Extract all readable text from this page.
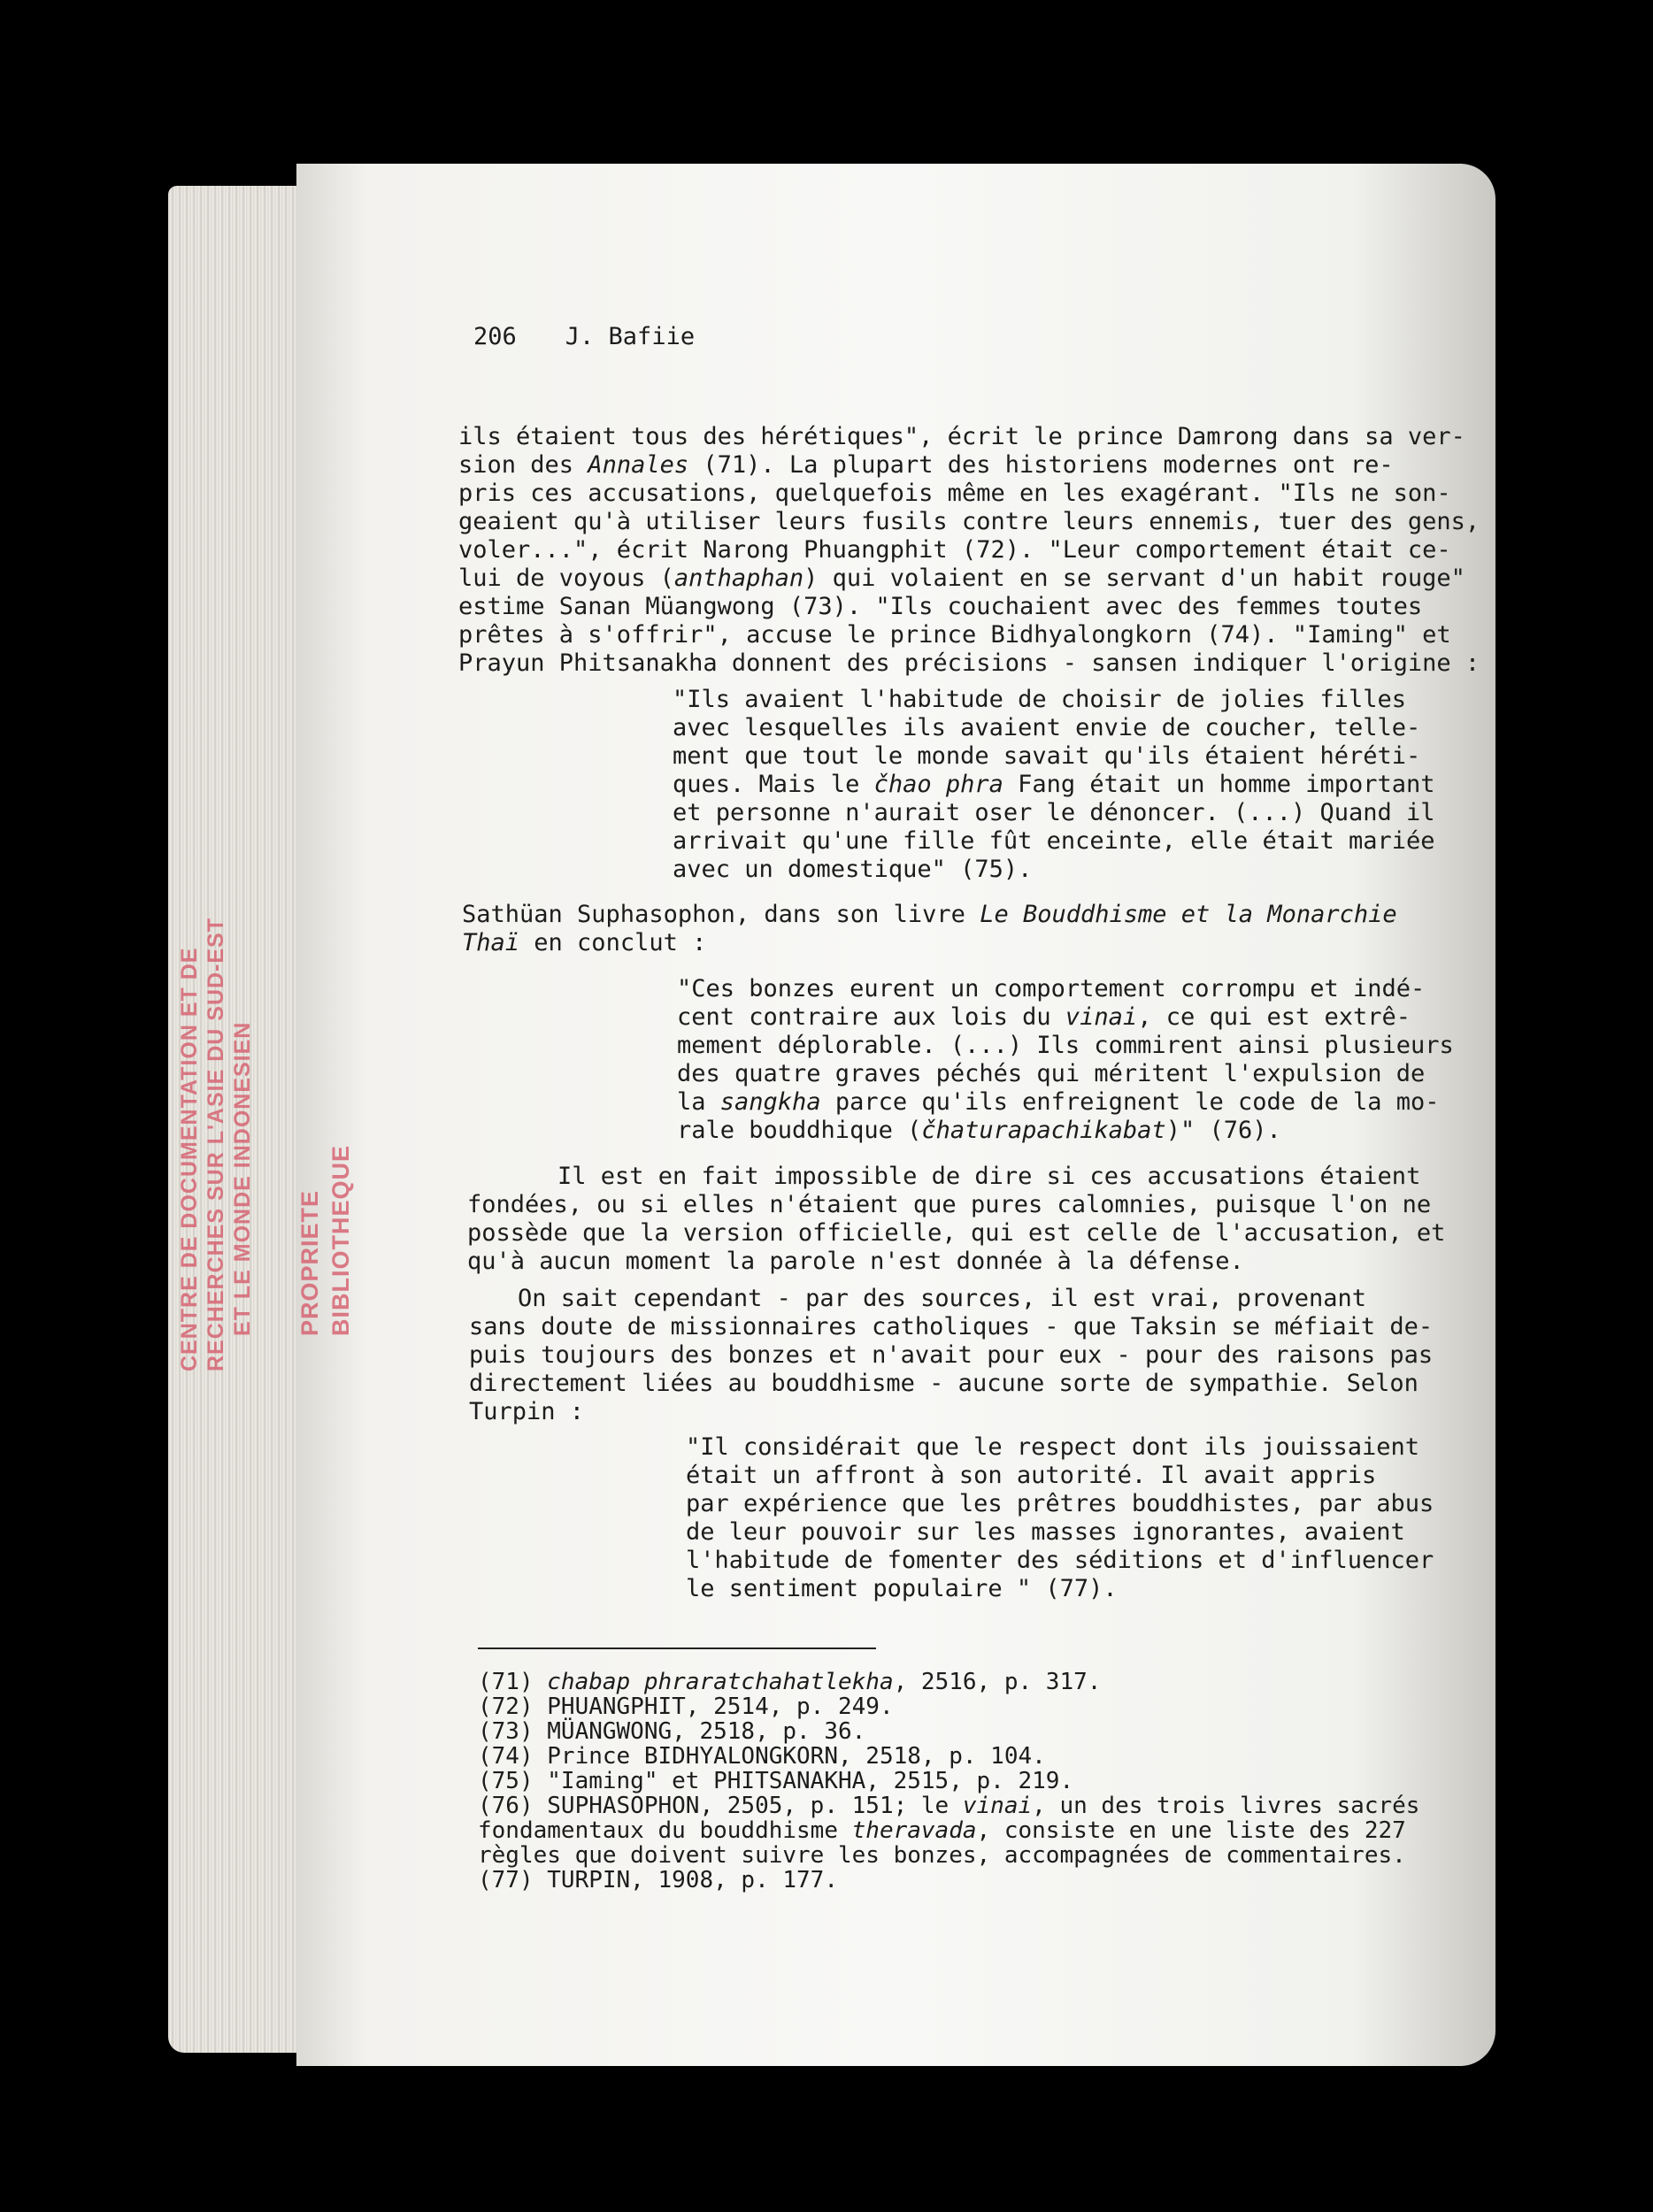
CENTRE DE DOCUMENTATION ET DE RECHERCHES SUR L'ASIE DU SUD-EST ET LE MONDE INDONESIEN PROPRIETE BIBLIOTHEQUE
206 J. Bafiie
ils étaient tous des hérétiques", écrit le prince Damrong dans sa ver-
sion des Annales (71). La plupart des historiens modernes ont re-
pris ces accusations, quelquefois même en les exagérant. "Ils ne son-
geaient qu'à utiliser leurs fusils contre leurs ennemis, tuer des gens,
voler...", écrit Narong Phuangphit (72). "Leur comportement était ce-
lui de voyous (anthaphan) qui volaient en se servant d'un habit rouge"
estime Sanan Müangwong (73). "Ils couchaient avec des femmes toutes
prêtes à s'offrir", accuse le prince Bidhyalongkorn (74). "Iaming" et
Prayun Phitsanakha donnent des précisions - sansen indiquer l'origine :
"Ils avaient l'habitude de choisir de jolies filles
avec lesquelles ils avaient envie de coucher, telle-
ment que tout le monde savait qu'ils étaient héréti-
ques. Mais le čhao phra Fang était un homme important
et personne n'aurait oser le dénoncer. (...) Quand il
arrivait qu'une fille fût enceinte, elle était mariée
avec un domestique" (75).
Sathüan Suphasophon, dans son livre Le Bouddhisme et la Monarchie
Thaï en conclut :
"Ces bonzes eurent un comportement corrompu et indé-
cent contraire aux lois du vinai, ce qui est extrê-
mement déplorable. (...) Ils commirent ainsi plusieurs
des quatre graves péchés qui méritent l'expulsion de
la sangkha parce qu'ils enfreignent le code de la mo-
rale bouddhique (čhaturapachikabat)" (76).
Il est en fait impossible de dire si ces accusations étaient
fondées, ou si elles n'étaient que pures calomnies, puisque l'on ne
possède que la version officielle, qui est celle de l'accusation, et
qu'à aucun moment la parole n'est donnée à la défense.
On sait cependant - par des sources, il est vrai, provenant
sans doute de missionnaires catholiques - que Taksin se méfiait de-
puis toujours des bonzes et n'avait pour eux - pour des raisons pas
directement liées au bouddhisme - aucune sorte de sympathie. Selon
Turpin :
"Il considérait que le respect dont ils jouissaient
était un affront à son autorité. Il avait appris
par expérience que les prêtres bouddhistes, par abus
de leur pouvoir sur les masses ignorantes, avaient
l'habitude de fomenter des séditions et d'influencer
le sentiment populaire " (77).
(71) chabap phraratchahatlekha, 2516, p. 317.
(72) PHUANGPHIT, 2514, p. 249.
(73) MÜANGWONG, 2518, p. 36.
(74) Prince BIDHYALONGKORN, 2518, p. 104.
(75) "Iaming" et PHITSANAKHA, 2515, p. 219.
(76) SUPHASOPHON, 2505, p. 151; le vinai, un des trois livres sacrés
fondamentaux du bouddhisme theravada, consiste en une liste des 227
règles que doivent suivre les bonzes, accompagnées de commentaires.
(77) TURPIN, 1908, p. 177.
